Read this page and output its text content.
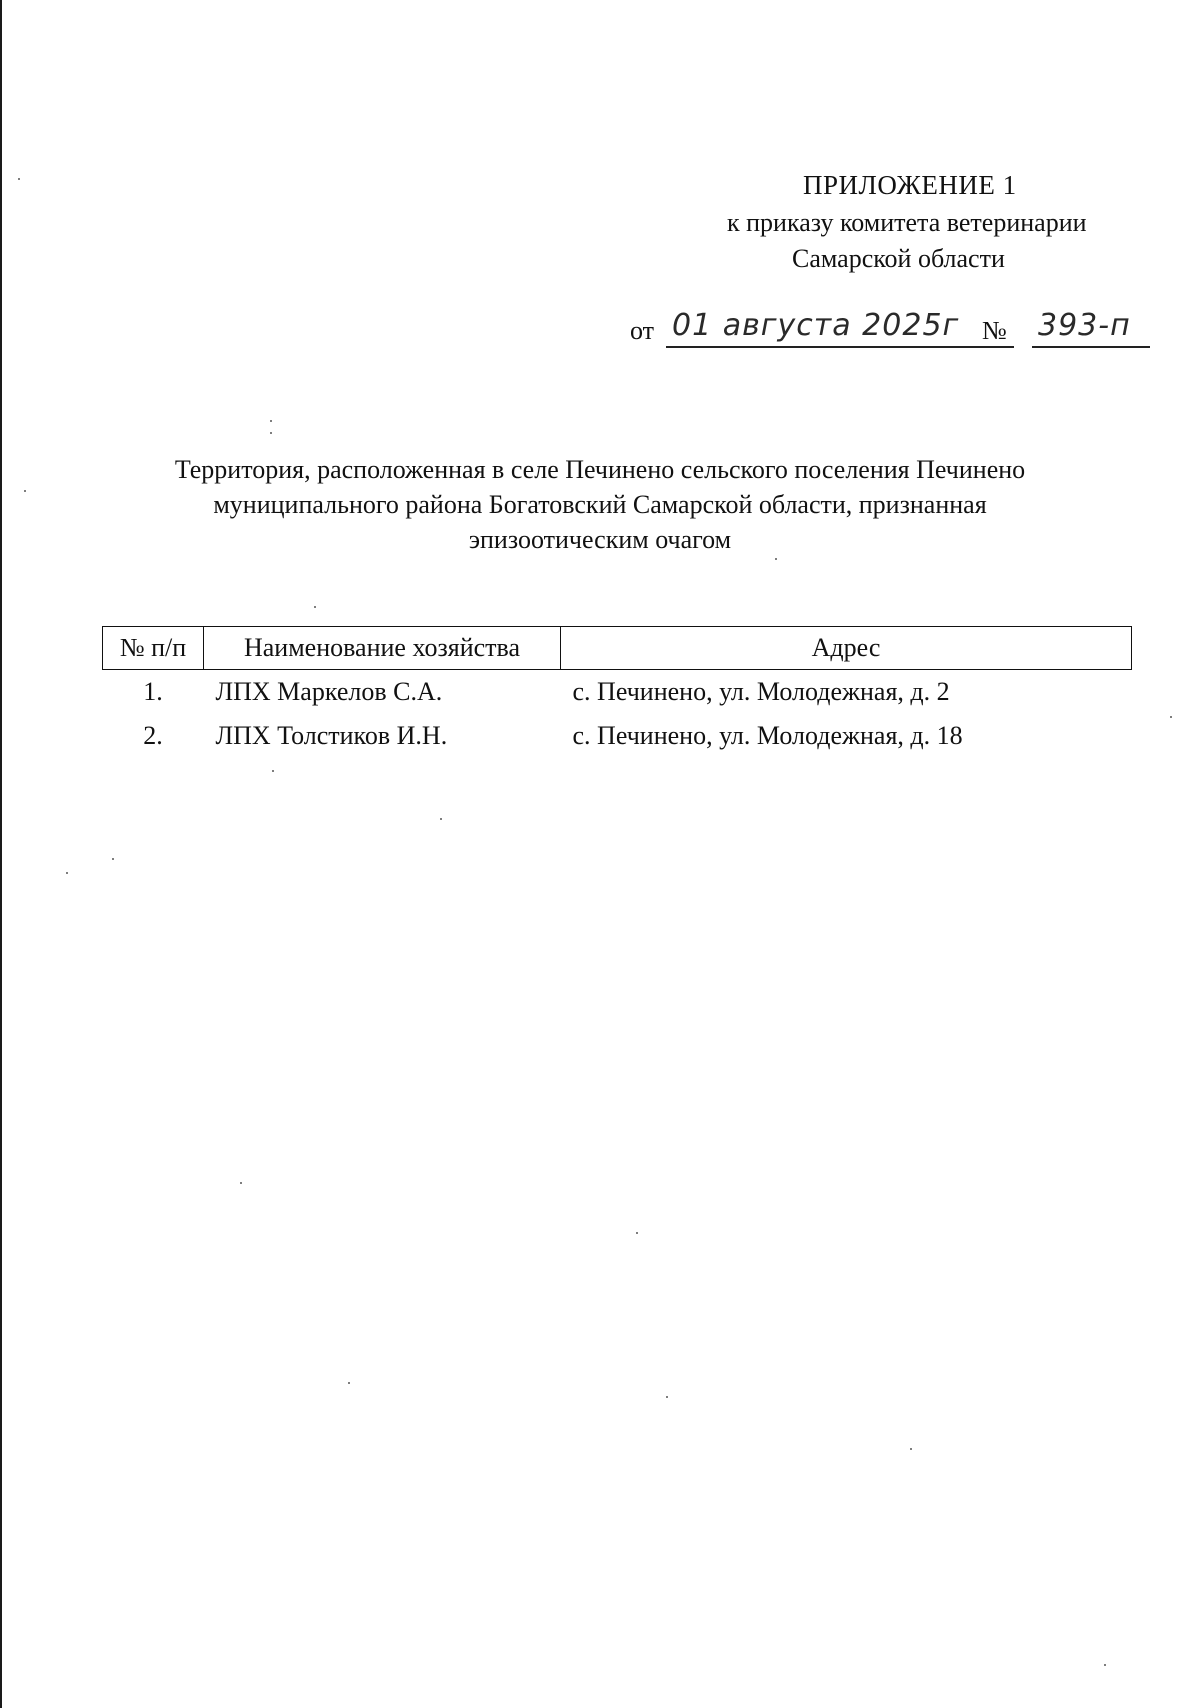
ПРИЛОЖЕНИЕ 1
к приказу комитета ветеринарии
Самарской области
от 01 августа 2025г № 393-п
Территория, расположенная в селе Печинено сельского поселения Печинено муниципального района Богатовский Самарской области, признанная эпизоотическим очагом
№ п/п	Наименование хозяйства	Адрес
1.	ЛПХ Маркелов С.А.	с. Печинено, ул. Молодежная, д. 2
2.	ЛПХ Толстиков И.Н.	с. Печинено, ул. Молодежная, д. 18
